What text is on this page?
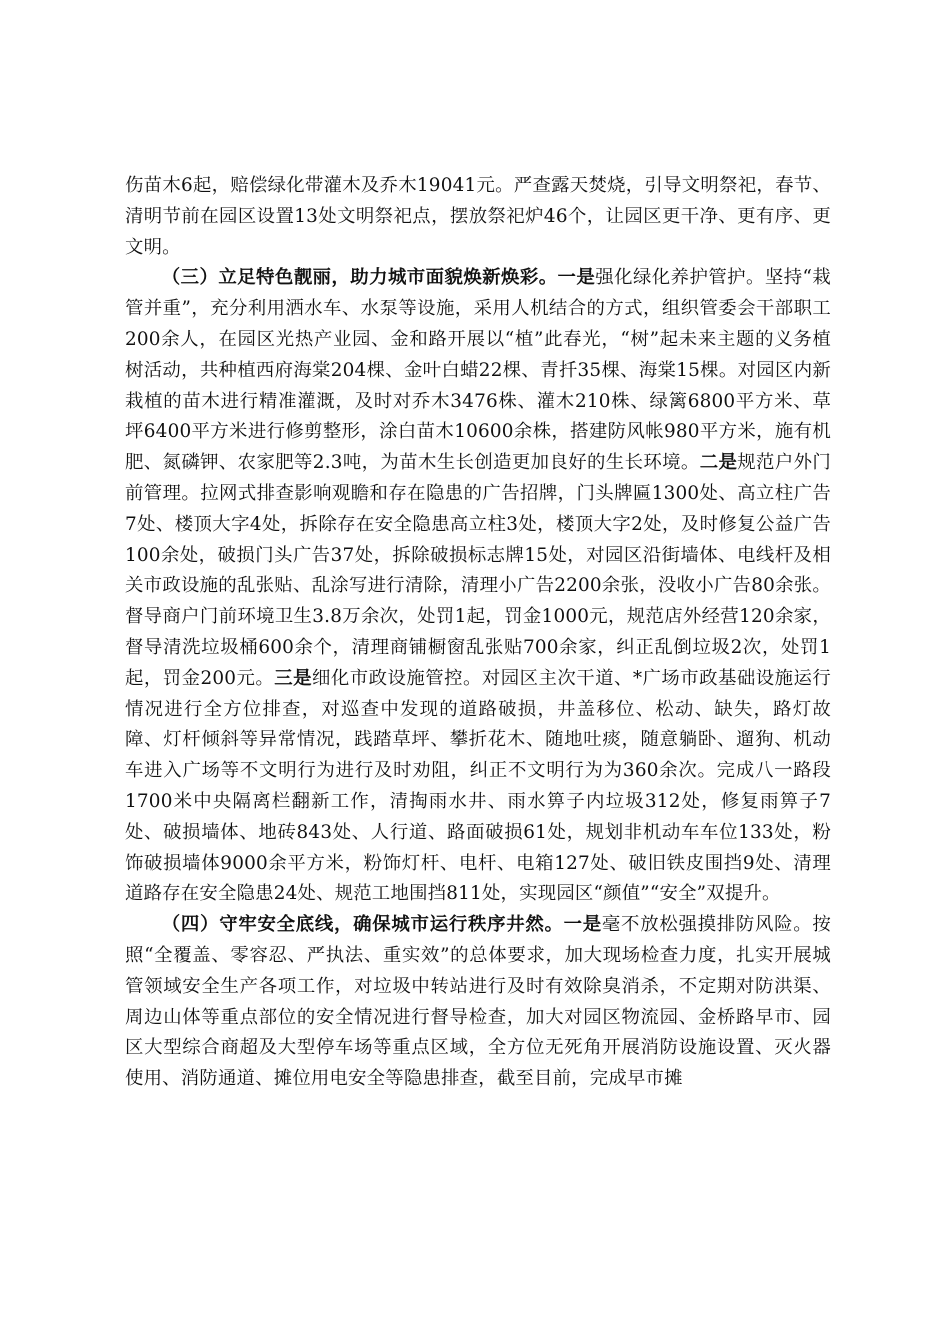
伤苗木6起，赔偿绿化带灌木及乔木19041元。严查露天焚烧，引导文明祭祀，春节、清明节前在园区设置13处文明祭祀点，摆放祭祀炉46个，让园区更干净、更有序、更文明。

（三）立足特色靓丽，助力城市面貌焕新焕彩。一是强化绿化养护管护。坚持“栽管并重”，充分利用洒水车、水泵等设施，采用人机结合的方式，组织管委会干部职工200余人，在园区光热产业园、金和路开展以“植”此春光，“树”起未来主题的义务植树活动，共种植西府海棠204棵、金叶白蜡22棵、青扦35棵、海棠15棵。对园区内新栽植的苗木进行精准灌溉，及时对乔木3476株、灌木210株、绿篱6800平方米、草坪6400平方米进行修剪整形，涂白苗木10600余株，搭建防风帐980平方米，施有机肥、氮磷钾、农家肥等2.3吨，为苗木生长创造更加良好的生长环境。二是规范户外门前管理。拉网式排查影响观瞻和存在隐患的广告招牌，门头牌匾1300处、高立柱广告7处、楼顶大字4处，拆除存在安全隐患高立柱3处，楼顶大字2处，及时修复公益广告100余处，破损门头广告37处，拆除破损标志牌15处，对园区沿街墙体、电线杆及相关市政设施的乱张贴、乱涂写进行清除，清理小广告2200余张，没收小广告80余张。督导商户门前环境卫生3.8万余次，处罚1起，罚金1000元，规范店外经营120余家，督导清洗垃圾桶600余个，清理商铺橱窗乱张贴700余家，纠正乱倒垃圾2次，处罚1起，罚金200元。三是细化市政设施管控。对园区主次干道、*广场市政基础设施运行情况进行全方位排查，对巡查中发现的道路破损，井盖移位、松动、缺失，路灯故障、灯杆倾斜等异常情况，践踏草坪、攀折花木、随地吐痰，随意躺卧、遛狗、机动车进入广场等不文明行为进行及时劝阻，纠正不文明行为为360余次。完成八一路段1700米中央隔离栏翻新工作，清掏雨水井、雨水箅子内垃圾312处，修复雨箅子7处、破损墙体、地砖843处、人行道、路面破损61处，规划非机动车车位133处，粉饰破损墙体9000余平方米，粉饰灯杆、电杆、电箱127处、破旧铁皮围挡9处、清理道路存在安全隐患24处、规范工地围挡811处，实现园区“颜值”“安全”双提升。

（四）守牢安全底线，确保城市运行秩序井然。一是毫不放松强摸排防风险。按照“全覆盖、零容忍、严执法、重实效”的总体要求，加大现场检查力度，扎实开展城管领域安全生产各项工作，对垃圾中转站进行及时有效除臭消杀，不定期对防洪渠、周边山体等重点部位的安全情况进行督导检查，加大对园区物流园、金桥路早市、园区大型综合商超及大型停车场等重点区域，全方位无死角开展消防设施设置、灭火器使用、消防通道、摊位用电安全等隐患排查，截至目前，完成早市摊
